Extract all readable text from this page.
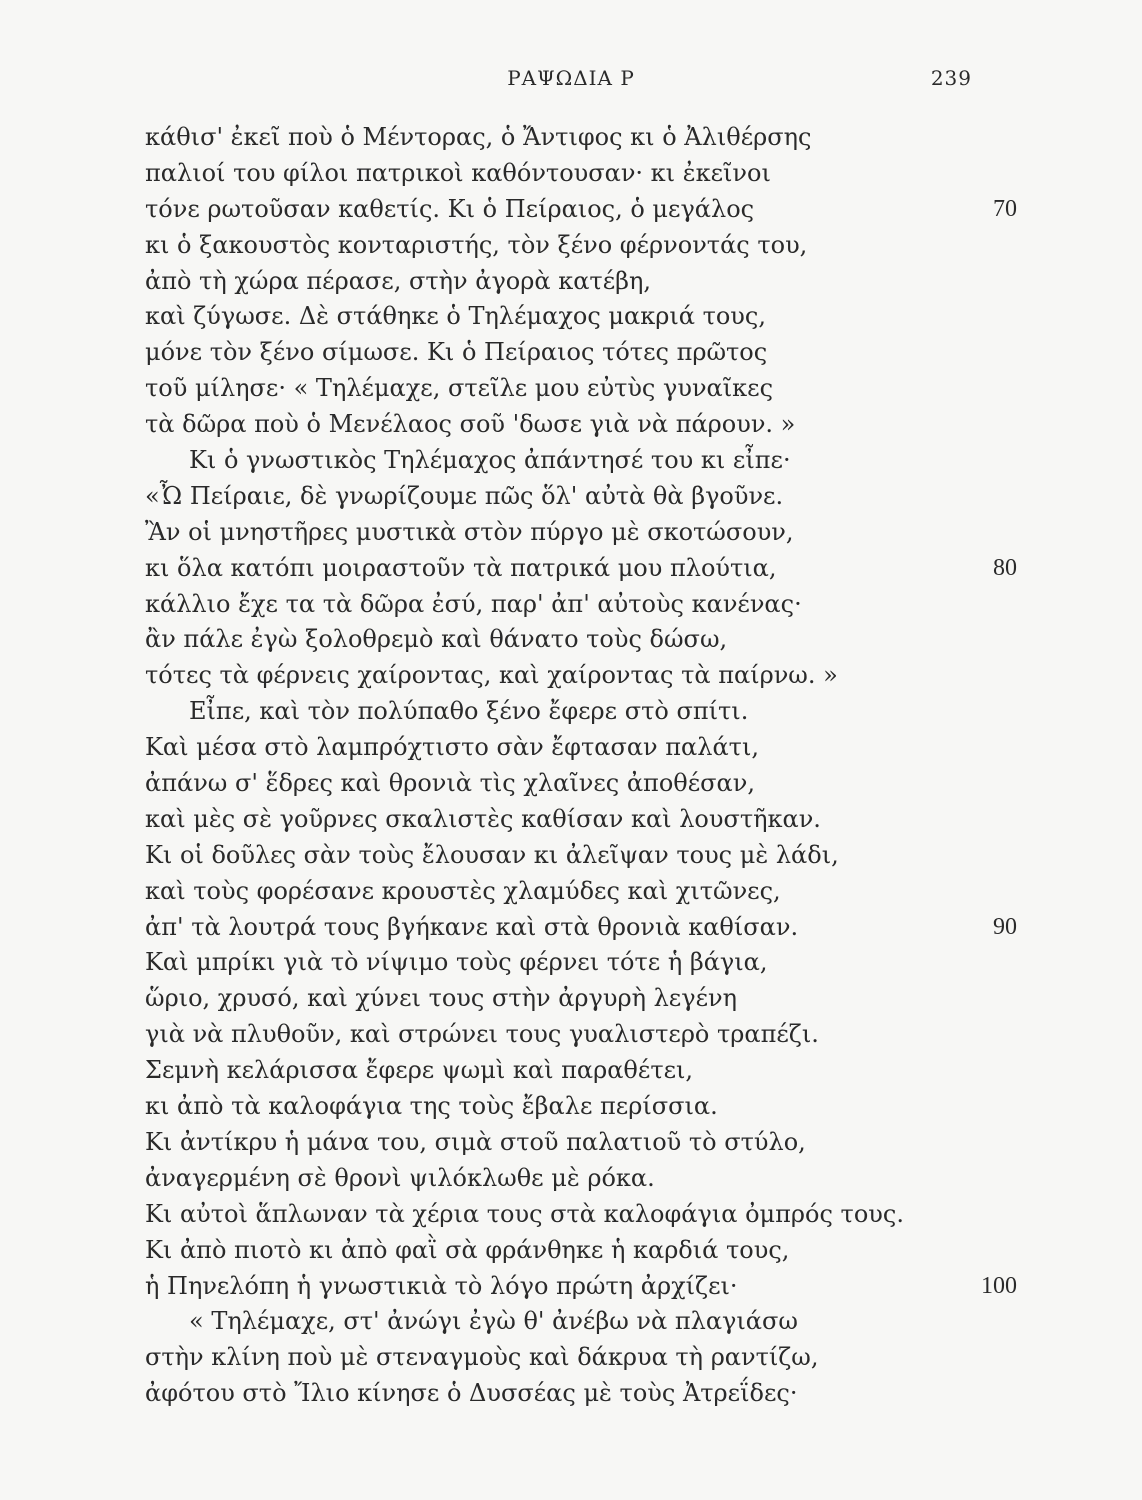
ΡΑΨΩΔΙΑ Ρ	239
κάθισ' ἐκεῖ ποὺ ὁ Μέντορας, ὁ Ἄντιφος κι ὁ Ἀλιθέρσης
παλιοί του φίλοι πατρικοὶ καθόντουσαν· κι ἐκεῖνοι
τόνε ρωτοῦσαν καθετίς. Κι ὁ Πείραιος, ὁ μεγάλος	70
κι ὁ ξακουστὸς κονταριστής, τὸν ξένο φέρνοντάς του,
ἀπὸ τὴ χώρα πέρασε, στὴν ἀγορὰ κατέβη,
καὶ ζύγωσε. Δὲ στάθηκε ὁ Τηλέμαχος μακριά τους,
μόνε τὸν ξένο σίμωσε. Κι ὁ Πείραιος τότες πρῶτος
τοῦ μίλησε· « Τηλέμαχε, στεῖλε μου εὐτὺς γυναῖκες
τὰ δῶρα ποὺ ὁ Μενέλαος σοῦ 'δωσε γιὰ νὰ πάρουν. »
Κι ὁ γνωστικὸς Τηλέμαχος ἀπάντησέ του κι εἶπε·
«Ὦ Πείραιε, δὲ γνωρίζουμε πῶς ὅλ' αὐτὰ θὰ βγοῦνε.
Ἂν οἱ μνηστῆρες μυστικὰ στὸν πύργο μὲ σκοτώσουν,
κι ὅλα κατόπι μοιραστοῦν τὰ πατρικά μου πλούτια,	80
κάλλιο ἔχε τα τὰ δῶρα ἐσύ, παρ' ἀπ' αὐτοὺς κανένας·
ἂν πάλε ἐγὼ ξολοθρεμὸ καὶ θάνατο τοὺς δώσω,
τότες τὰ φέρνεις χαίροντας, καὶ χαίροντας τὰ παίρνω. »
Εἶπε, καὶ τὸν πολύπαθο ξένο ἔφερε στὸ σπίτι.
Καὶ μέσα στὸ λαμπρόχτιστο σὰν ἔφτασαν παλάτι,
ἀπάνω σ' ἕδρες καὶ θρονιὰ τὶς χλαῖνες ἀποθέσαν,
καὶ μὲς σὲ γοῦρνες σκαλιστὲς καθίσαν καὶ λουστῆκαν.
Κι οἱ δοῦλες σὰν τοὺς ἔλουσαν κι ἀλεῖψαν τους μὲ λάδι,
καὶ τοὺς φορέσανε κρουστὲς χλαμύδες καὶ χιτῶνες,
ἀπ' τὰ λουτρά τους βγήκανε καὶ στὰ θρονιὰ καθίσαν.	90
Καὶ μπρίκι γιὰ τὸ νίψιμο τοὺς φέρνει τότε ἡ βάγια,
ὥριο, χρυσό, καὶ χύνει τους στὴν ἀργυρὴ λεγένη
γιὰ νὰ πλυθοῦν, καὶ στρώνει τους γυαλιστερὸ τραπέζι.
Σεμνὴ κελάρισσα ἔφερε ψωμὶ καὶ παραθέτει,
κι ἀπὸ τὰ καλοφάγια της τοὺς ἔβαλε περίσσια.
Κι ἀντίκρυ ἡ μάνα του, σιμὰ στοῦ παλατιοῦ τὸ στύλο,
ἀναγερμένη σὲ θρονὶ ψιλόκλωθε μὲ ρόκα.
Κι αὐτοὶ ἅπλωναν τὰ χέρια τους στὰ καλοφάγια ὀμπρός τους.
Κι ἀπὸ πιοτὸ κι ἀπὸ φαῒ σὰ φράνθηκε ἡ καρδιά τους,
ἡ Πηνελόπη ἡ γνωστικιὰ τὸ λόγο πρώτη ἀρχίζει·	100
« Τηλέμαχε, στ' ἀνώγι ἐγὼ θ' ἀνέβω νὰ πλαγιάσω
στὴν κλίνη ποὺ μὲ στεναγμοὺς καὶ δάκρυα τὴ ραντίζω,
ἀφότου στὸ Ἴλιο κίνησε ὁ Δυσσέας μὲ τοὺς Ἀτρεΐδες·
